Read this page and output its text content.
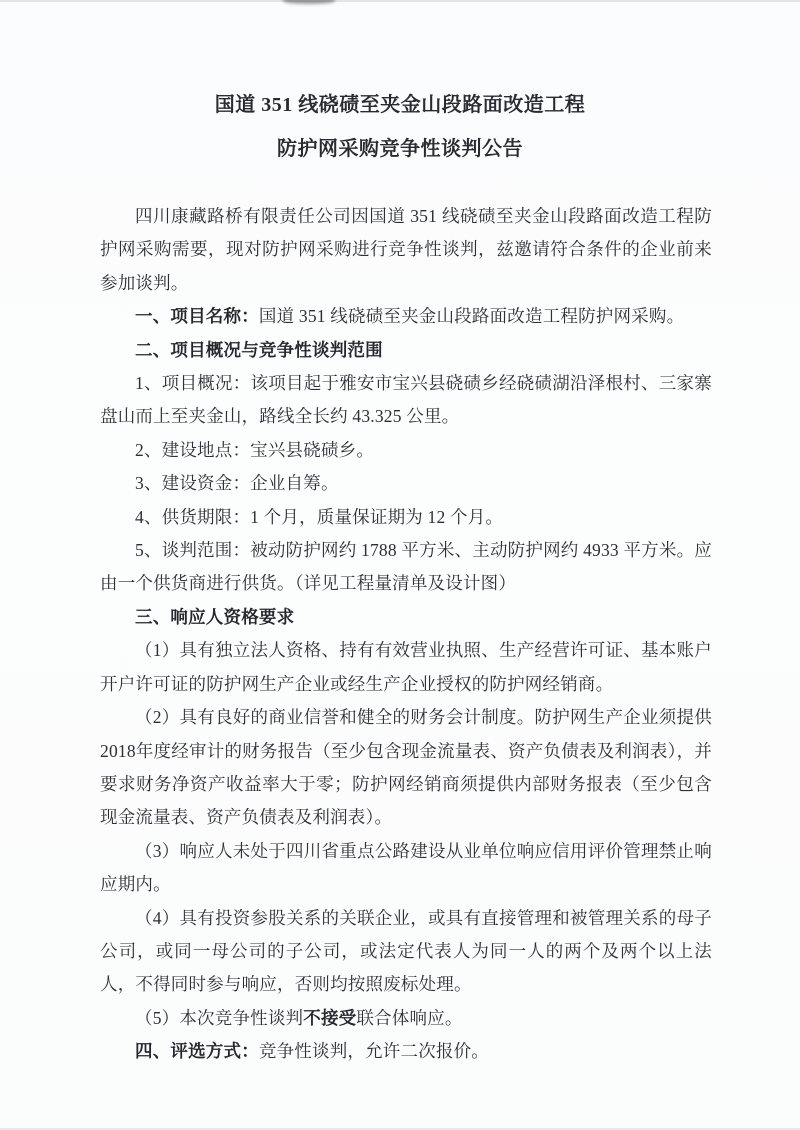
国道 351 线硗碛至夹金山段路面改造工程
防护网采购竞争性谈判公告

四川康藏路桥有限责任公司因国道 351 线硗碛至夹金山段路面改造工程防护网采购需要，现对防护网采购进行竞争性谈判，兹邀请符合条件的企业前来参加谈判。

一、项目名称：国道 351 线硗碛至夹金山段路面改造工程防护网采购。

二、项目概况与竞争性谈判范围

1、项目概况：该项目起于雅安市宝兴县硗碛乡经硗碛湖沿泽根村、三家寨盘山而上至夹金山，路线全长约 43.325 公里。

2、建设地点：宝兴县硗碛乡。

3、建设资金：企业自筹。

4、供货期限：1 个月，质量保证期为 12 个月。

5、谈判范围：被动防护网约 1788 平方米、主动防护网约 4933 平方米。应由一个供货商进行供货。（详见工程量清单及设计图）

三、响应人资格要求

（1）具有独立法人资格、持有有效营业执照、生产经营许可证、基本账户开户许可证的防护网生产企业或经生产企业授权的防护网经销商。

（2）具有良好的商业信誉和健全的财务会计制度。防护网生产企业须提供2018年度经审计的财务报告（至少包含现金流量表、资产负债表及利润表），并要求财务净资产收益率大于零；防护网经销商须提供内部财务报表（至少包含现金流量表、资产负债表及利润表）。

（3）响应人未处于四川省重点公路建设从业单位响应信用评价管理禁止响应期内。

（4）具有投资参股关系的关联企业，或具有直接管理和被管理关系的母子公司，或同一母公司的子公司，或法定代表人为同一人的两个及两个以上法人，不得同时参与响应，否则均按照废标处理。

（5）本次竞争性谈判不接受联合体响应。

四、评选方式：竞争性谈判，允许二次报价。
